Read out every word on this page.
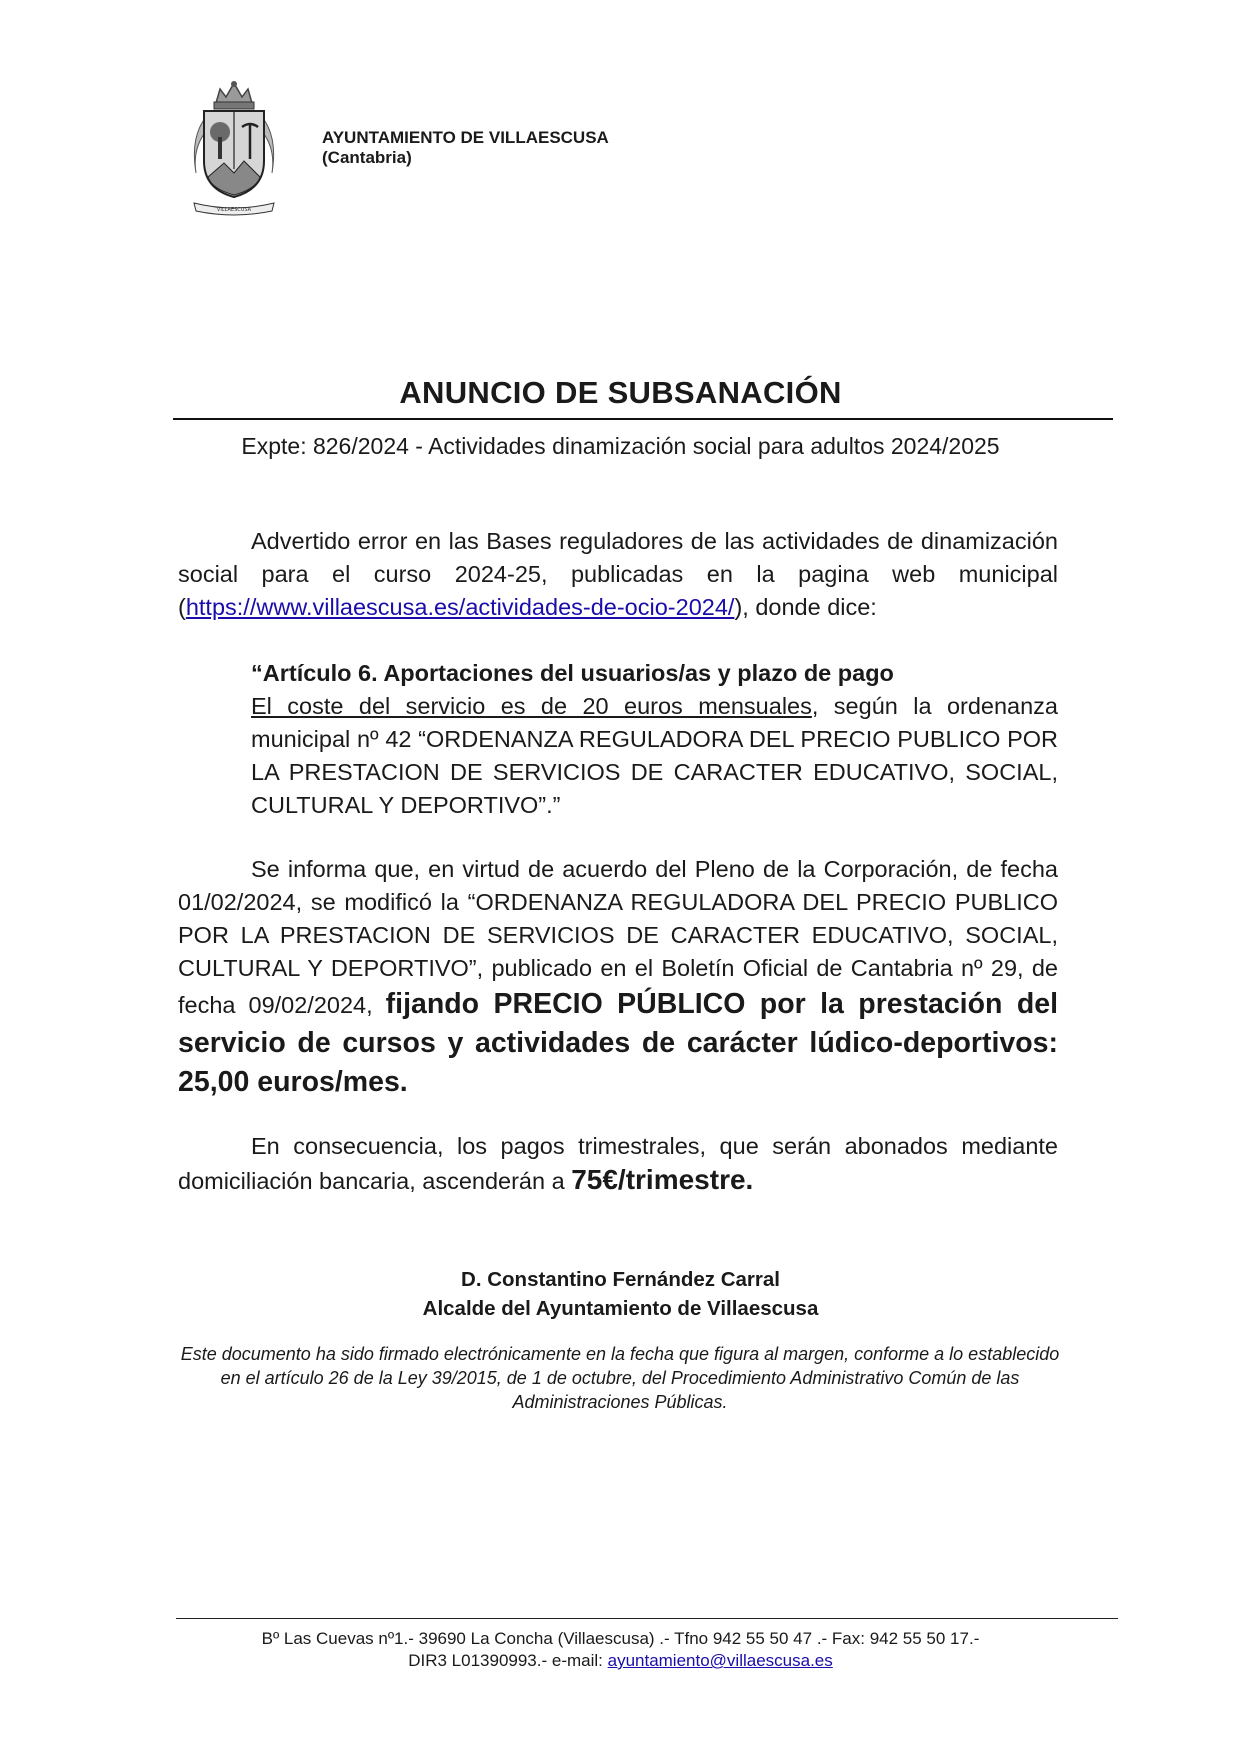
VILLAESCUSA
AYUNTAMIENTO DE VILLAESCUSA
(Cantabria)
ANUNCIO DE SUBSANACIÓN
Expte: 826/2024 - Actividades dinamización social para adultos 2024/2025
Advertido error en las Bases reguladores de las actividades de dinamización social para el curso 2024-25, publicadas en la pagina web municipal (https://www.villaescusa.es/actividades-de-ocio-2024/), donde dice:
“Artículo 6. Aportaciones del usuarios/as y plazo de pago
El coste del servicio es de 20 euros mensuales, según la ordenanza municipal nº 42 “ORDENANZA REGULADORA DEL PRECIO PUBLICO POR LA PRESTACION DE SERVICIOS DE CARACTER EDUCATIVO, SOCIAL, CULTURAL Y DEPORTIVO”.”
Se informa que, en virtud de acuerdo del Pleno de la Corporación, de fecha 01/02/2024, se modificó la “ORDENANZA REGULADORA DEL PRECIO PUBLICO POR LA PRESTACION DE SERVICIOS DE CARACTER EDUCATIVO, SOCIAL, CULTURAL Y DEPORTIVO”, publicado en el Boletín Oficial de Cantabria nº 29, de fecha 09/02/2024, fijando PRECIO PÚBLICO por la prestación del servicio de cursos y actividades de carácter lúdico-deportivos: 25,00 euros/mes.
En consecuencia, los pagos trimestrales, que serán abonados mediante domiciliación bancaria, ascenderán a 75€/trimestre.
D. Constantino Fernández Carral
Alcalde del Ayuntamiento de Villaescusa
Este documento ha sido firmado electrónicamente en la fecha que figura al margen, conforme a lo establecido en el artículo 26 de la Ley 39/2015, de 1 de octubre, del Procedimiento Administrativo Común de las Administraciones Públicas.
Bº Las Cuevas nº1.- 39690 La Concha (Villaescusa) .- Tfno 942 55 50 47 .- Fax: 942 55 50 17.-
DIR3 L01390993.- e-mail: ayuntamiento@villaescusa.es
